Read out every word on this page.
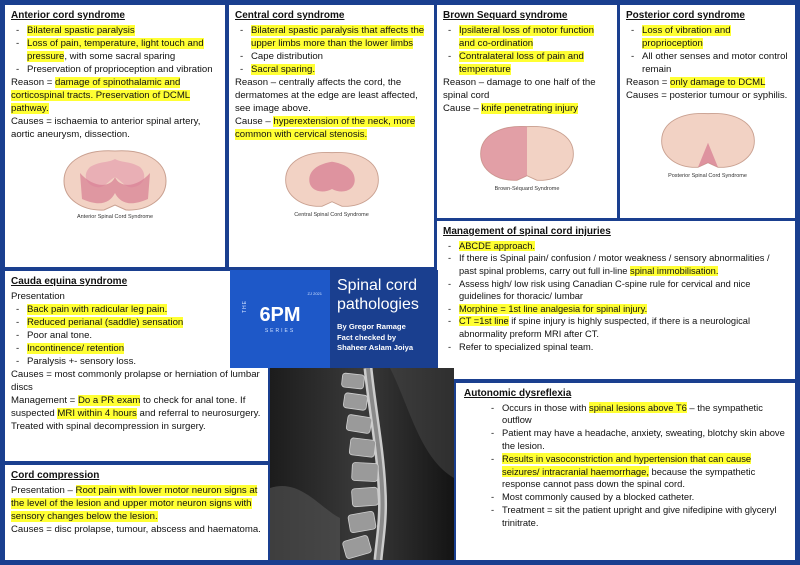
Anterior cord syndrome
- Bilateral spastic paralysis
- Loss of pain, temperature, light touch and pressure, with some sacral sparing
- Preservation of proprioception and vibration

Reason = damage of spinothalamic and corticospinal tracts. Preservation of DCML pathway.

Causes = ischaemia to anterior spinal artery, aortic aneurysm, dissection.

Anterior Spinal Cord Syndrome
Central cord syndrome
- Bilateral spastic paralysis that affects the upper limbs more than the lower limbs
- Cape distribution
- Sacral sparing.

Reason – centrally affects the cord, the dermatomes at the edge are least affected, see image above.

Cause – hyperextension of the neck, more common with cervical stenosis.

Central Spinal Cord Syndrome
Brown Sequard syndrome
- Ipsilateral loss of motor function and co-ordination
- Contralateral loss of pain and temperature

Reason – damage to one half of the spinal cord

Cause – knife penetrating injury

Brown-Séquard Syndrome
Posterior cord syndrome
- Loss of vibration and proprioception
- All other senses and motor control remain

Reason = only damage to DCML

Causes = posterior tumour or syphilis.

Posterior Spinal Cord Syndrome
Management of spinal cord injuries
- ABCDE approach.
- If there is Spinal pain/ confusion / motor weakness / sensory abnormalities / past spinal problems, carry out full in-line spinal immobilisation.
- Assess high/ low risk using Canadian C-spine rule for cervical and nice guidelines for thoracic/ lumbar
- Morphine = 1st line analgesia for spinal injury.
- CT =1st line if spine injury is highly suspected, if there is a neurological abnormality preform MRI after CT.
- Refer to specialized spinal team.
Cauda equina syndrome

Presentation

- Back pain with radicular leg pain.
- Reduced perianal (saddle) sensation
- Poor anal tone.
- Incontinence/ retention
- Paralysis +- sensory loss.

Causes = most commonly prolapse or herniation of lumbar discs

Management = Do a PR exam to check for anal tone. If suspected MRI within 4 hours and referral to neurosurgery. Treated with spinal decompression in surgery.

THE
ZJ 2021
6PM
SERIES
Spinal cord pathologies
By Gregor Ramage
Fact checked by
Shaheer Aslam Joiya
Autonomic dysreflexia
- Occurs in those with spinal lesions above T6 – the sympathetic outflow
- Patient may have a headache, anxiety, sweating, blotchy skin above the lesion.
- Results in vasoconstriction and hypertension that can cause seizures/ intracranial haemorrhage, because the sympathetic response cannot pass down the spinal cord.
- Most commonly caused by a blocked catheter.
- Treatment = sit the patient upright and give nifedipine with glyceryl trinitrate.
Cord compression

Presentation – Root pain with lower motor neuron signs at the level of the lesion and upper motor neuron signs with sensory changes below the lesion.

Causes = disc prolapse, tumour, abscess and haematoma.
